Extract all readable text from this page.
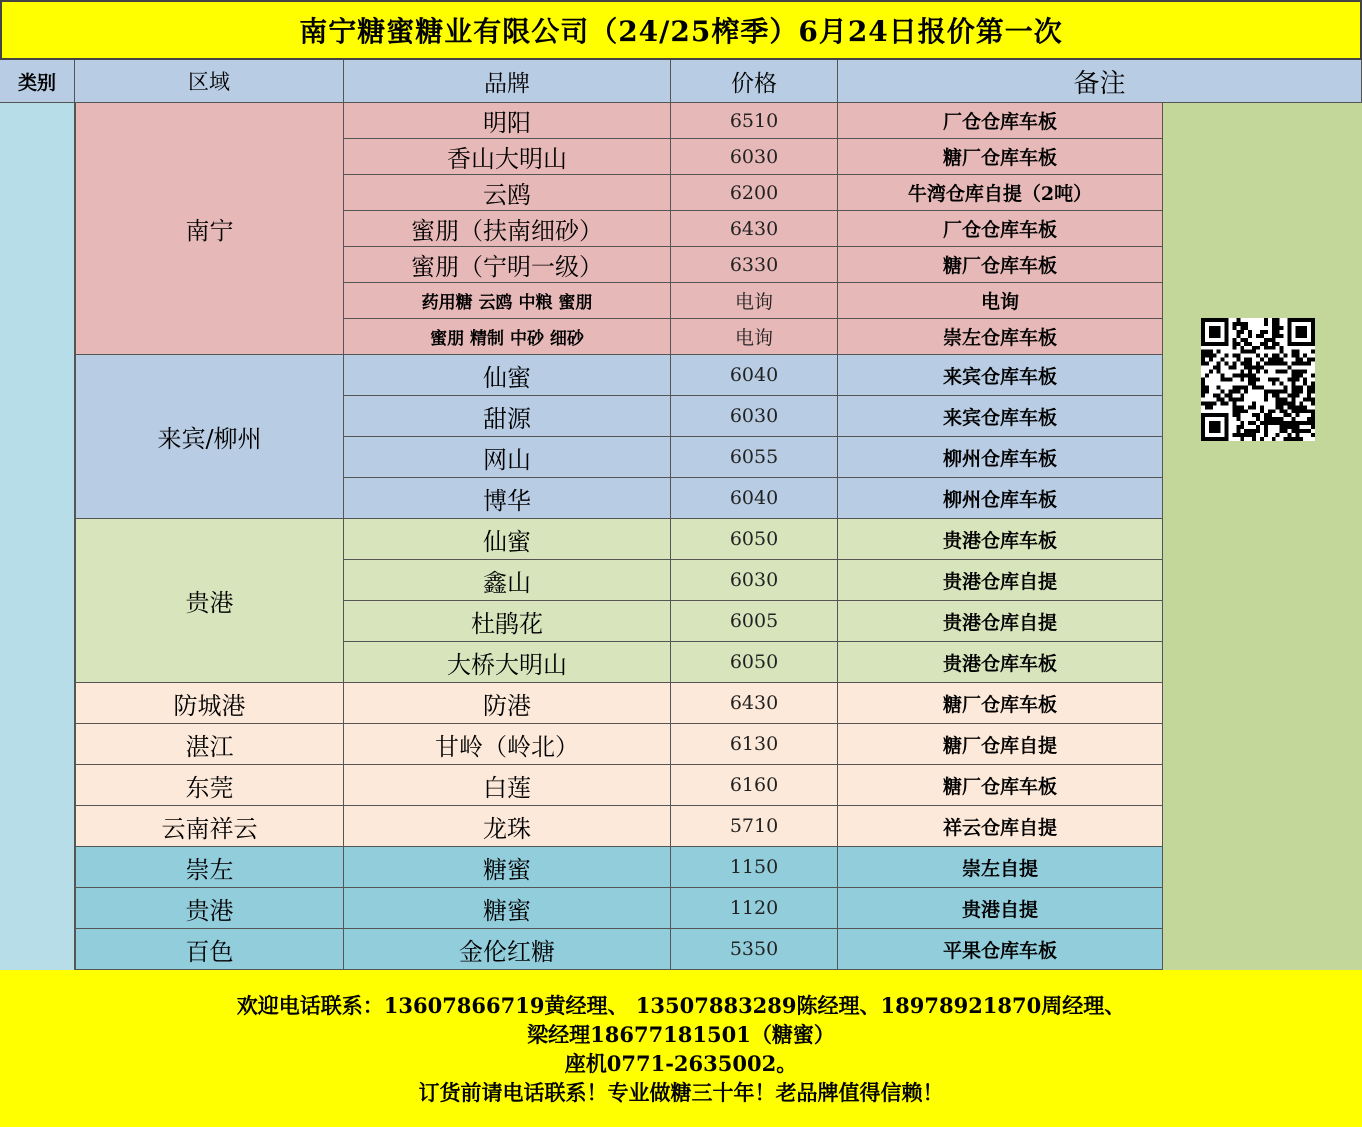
南宁糖蜜糖业有限公司（24/25榨季）6月24日报价第一次
类别	区域	品牌	价格	备注
南宁
明阳	6510	厂仓仓库车板
香山大明山	6030	糖厂仓库车板
云鸥	6200	牛湾仓库自提（2吨）
蜜朋（扶南细砂）	6430	厂仓仓库车板
蜜朋（宁明一级）	6330	糖厂仓库车板
药用糖 云鸥 中粮 蜜朋	电询	电询
蜜朋 精制 中砂 细砂	电询	崇左仓库车板
来宾/柳州
仙蜜	6040	来宾仓库车板
甜源	6030	来宾仓库车板
网山	6055	柳州仓库车板
博华	6040	柳州仓库车板
贵港
仙蜜	6050	贵港仓库车板
鑫山	6030	贵港仓库自提
杜鹃花	6005	贵港仓库自提
大桥大明山	6050	贵港仓库车板
防城港	防港	6430	糖厂仓库车板
湛江	甘岭（岭北）	6130	糖厂仓库自提
东莞	白莲	6160	糖厂仓库车板
云南祥云	龙珠	5710	祥云仓库自提
崇左	糖蜜	1150	崇左自提
贵港	糖蜜	1120	贵港自提
百色	金伦红糖	5350	平果仓库车板
欢迎电话联系：13607866719黄经理、 13507883289陈经理、18978921870周经理、
梁经理18677181501（糖蜜）
座机0771-2635002。
订货前请电话联系！专业做糖三十年！老品牌值得信赖！
